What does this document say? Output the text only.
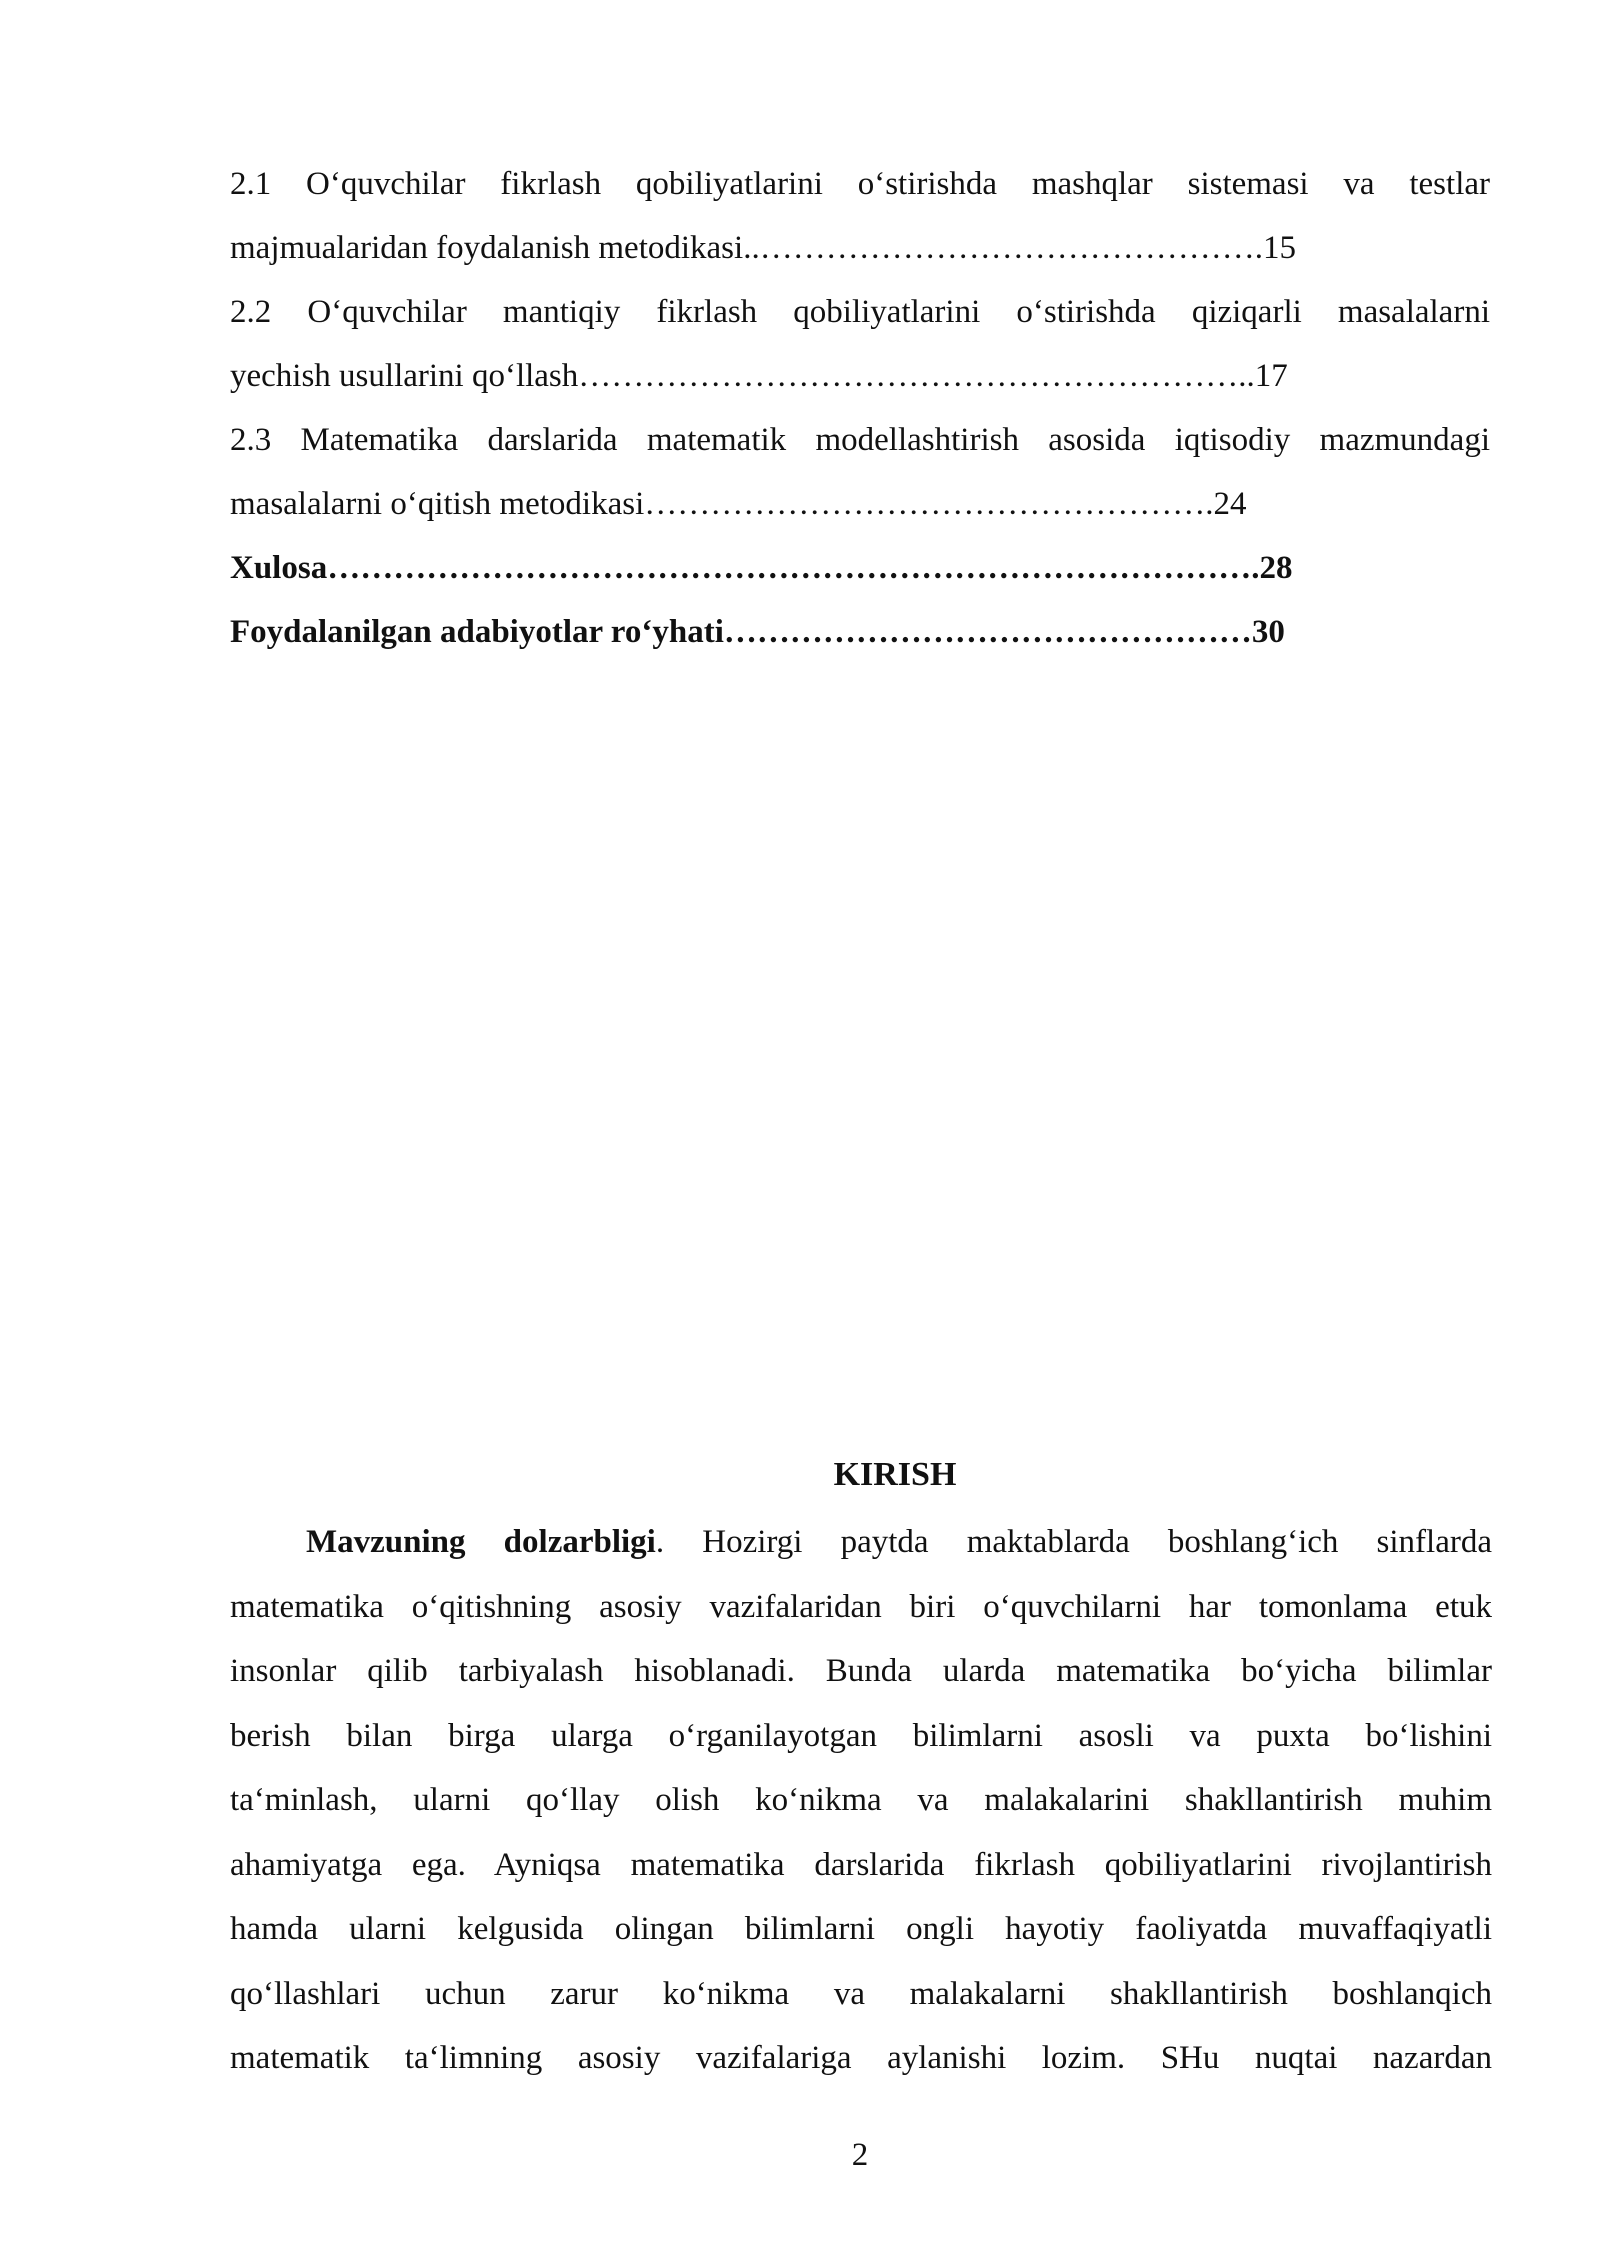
2.1 O‘quvchilar fikrlash qobiliyatlarini o‘stirishda mashqlar sistemasi va testlar
majmualaridan foydalanish metodikasi..……………………………………….15
2.2 O‘quvchilar mantiqiy fikrlash qobiliyatlarini o‘stirishda qiziqarli masalalarni
yechish usullarini qo‘llash……………………………………………………..17
2.3 Matematika darslarida matematik modellashtirish asosida iqtisodiy mazmundagi
masalalarni o‘qitish metodikasi…………………………………………….24
Xulosa………………………………………………………………………….28
Foydalanilgan adabiyotlar ro‘yhati…………………………………………30
KIRISH
Mavzuning dolzarbligi. Hozirgi paytda maktablarda boshlang‘ich sinflarda
matematika o‘qitishning asosiy vazifalaridan biri o‘quvchilarni har tomonlama etuk
insonlar qilib tarbiyalash hisoblanadi. Bunda ularda matematika bo‘yicha bilimlar
berish bilan birga ularga o‘rganilayotgan bilimlarni asosli va puxta bo‘lishini
ta‘minlash, ularni qo‘llay olish ko‘nikma va malakalarini shakllantirish muhim
ahamiyatga ega. Ayniqsa matematika darslarida fikrlash qobiliyatlarini rivojlantirish
hamda ularni kelgusida olingan bilimlarni ongli hayotiy faoliyatda muvaffaqiyatli
qo‘llashlari uchun zarur ko‘nikma va malakalarni shakllantirish boshlanqich
matematik ta‘limning asosiy vazifalariga aylanishi lozim. SHu nuqtai nazardan
2
